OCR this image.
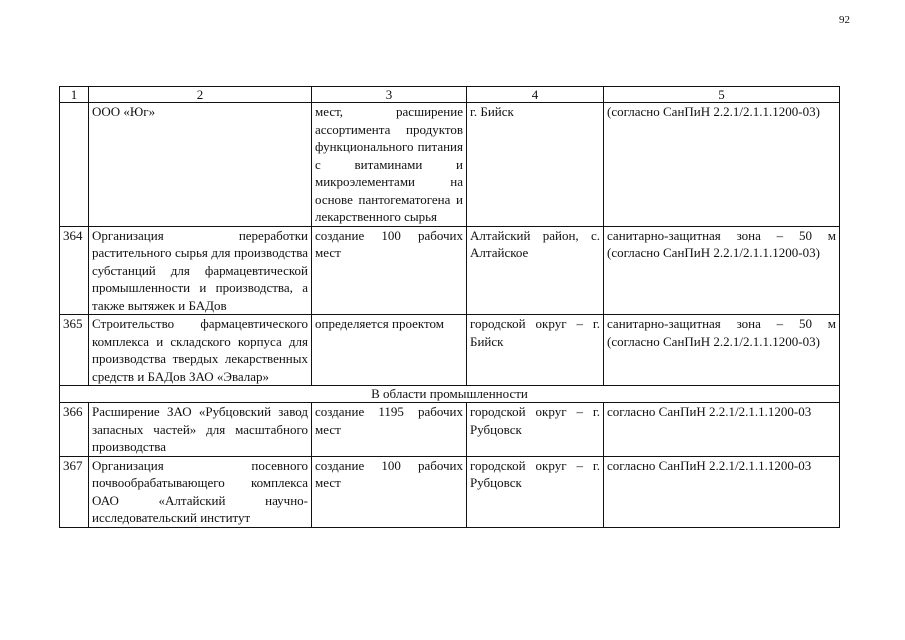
92
1	2	3	4	5
	ООО «Юг»	мест, расширение ассортимента продуктов функционального питания с витаминами и микроэлементами на основе пантогематогена и лекарственного сырья	г. Бийск	(согласно СанПиН 2.2.1/2.1.1.1200-03)
364	Организация переработки растительного сырья для производства субстанций для фармацевтической промышленности и производства, а также вытяжек и БАДов	создание 100 рабочих мест	Алтайский район, с. Алтайское	санитарно-защитная зона – 50 м (согласно СанПиН 2.2.1/2.1.1.1200-03)
365	Строительство фармацевтического комплекса и складского корпуса для производства твердых лекарственных средств и БАДов ЗАО «Эвалар»	определяется проектом	городской округ – г. Бийск	санитарно-защитная зона – 50 м (согласно СанПиН 2.2.1/2.1.1.1200-03)
В области промышленности				
366	Расширение ЗАО «Рубцовский завод запасных частей» для масштабного производства	создание 1195 рабочих мест	городской округ – г. Рубцовск	согласно СанПиН 2.2.1/2.1.1.1200-03
367	Организация посевного почвообрабатывающего комплекса ОАО «Алтайский научно-исследовательский институт	создание 100 рабочих мест	городской округ – г. Рубцовск	согласно СанПиН 2.2.1/2.1.1.1200-03
